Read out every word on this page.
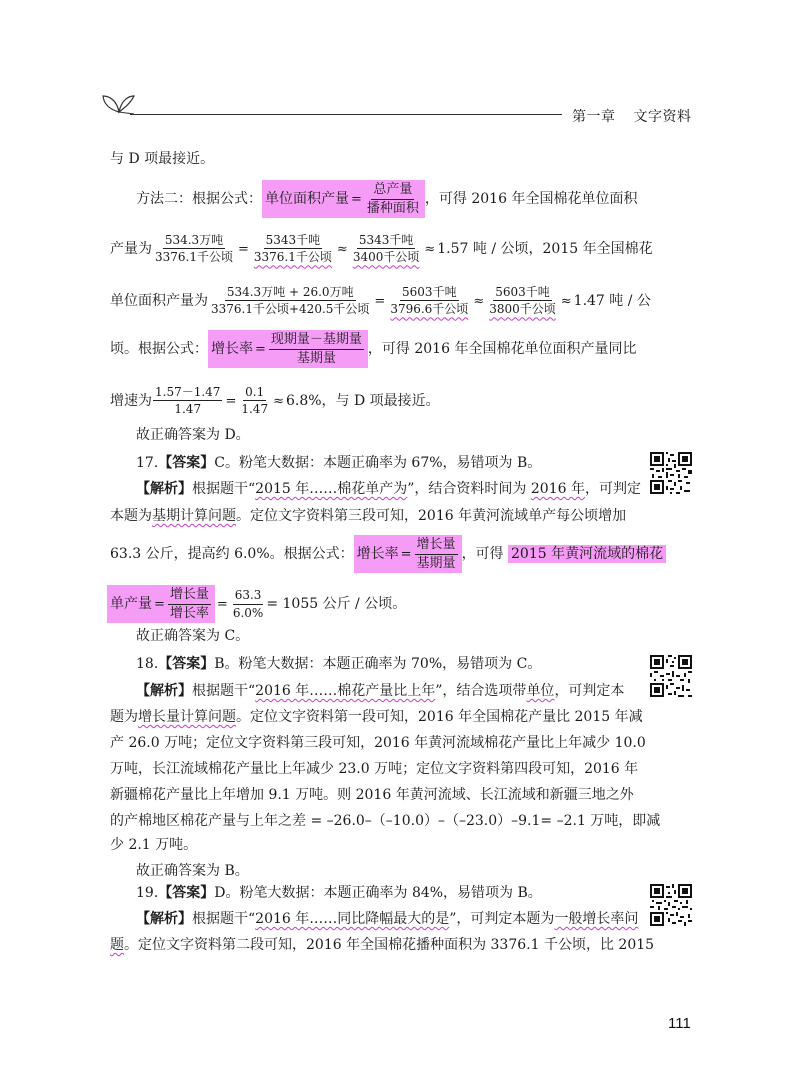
第一章 文字资料
与 D 项最接近。
方法二：根据公式： 单位面积产量 = $\frac{\text{总产量}}{\text{播种面积}}$ ，可得 2016 年全国棉花单位面积
产量为 $\frac{\text{534.3万吨}}{\text{3376.1千公顷}} = \frac{\text{5343千吨}}{\text{3376.1千公顷}} \approx \frac{\text{5343千吨}}{\text{3400千公顷}} \approx 1.57$ 吨 / 公顷，2015 年全国棉花
单位面积产量为 $\frac{\text{534.3万吨 + 26.0万吨}}{\text{3376.1千公顷+420.5千公顷}} = \frac{\text{5603千吨}}{\text{3796.6千公顷}} \approx \frac{\text{5603千吨}}{\text{3800千公顷}} \approx 1.47$ 吨 / 公
顷。根据公式： 增长率 = $\frac{\text{现期量－基期量}}{\text{基期量}}$ ，可得 2016 年全国棉花单位面积产量同比
增速为 $\frac{1.57-1.47}{1.47} = \frac{0.1}{1.47} \approx 6.8\%$，与 D 项最接近。
故正确答案为 D。
17.【答案】C。粉笔大数据：本题正确率为 67%，易错项为 B。
【解析】根据题干“2015 年……棉花单产为”，结合资料时间为 2016 年，可判定
本题为基期计算问题。定位文字资料第三段可知，2016 年黄河流域单产每公顷增加
63.3 公斤，提高约 6.0%。根据公式： 增长率 = $\frac{\text{增长量}}{\text{基期量}}$ ，可得 2015 年黄河流域的棉花
单产量 = $\frac{\text{增长量}}{\text{增长率}} = \frac{63.3}{6.0\%} = 1055$ 公斤 / 公顷。
故正确答案为 C。
18.【答案】B。粉笔大数据：本题正确率为 70%，易错项为 C。
【解析】根据题干“2016 年……棉花产量比上年”，结合选项带单位，可判定本
题为增长量计算问题。定位文字资料第一段可知，2016 年全国棉花产量比 2015 年减
产 26.0 万吨；定位文字资料第三段可知，2016 年黄河流域棉花产量比上年减少 10.0
万吨，长江流域棉花产量比上年减少 23.0 万吨；定位文字资料第四段可知，2016 年
新疆棉花产量比上年增加 9.1 万吨。则 2016 年黄河流域、长江流域和新疆三地之外
的产棉地区棉花产量与上年之差 = –26.0–（–10.0）–（–23.0）–9.1= –2.1 万吨，即减
少 2.1 万吨。
故正确答案为 B。
19.【答案】D。粉笔大数据：本题正确率为 84%，易错项为 B。
【解析】根据题干“2016 年……同比降幅最大的是”，可判定本题为一般增长率问
题。定位文字资料第二段可知，2016 年全国棉花播种面积为 3376.1 千公顷，比 2015
111
